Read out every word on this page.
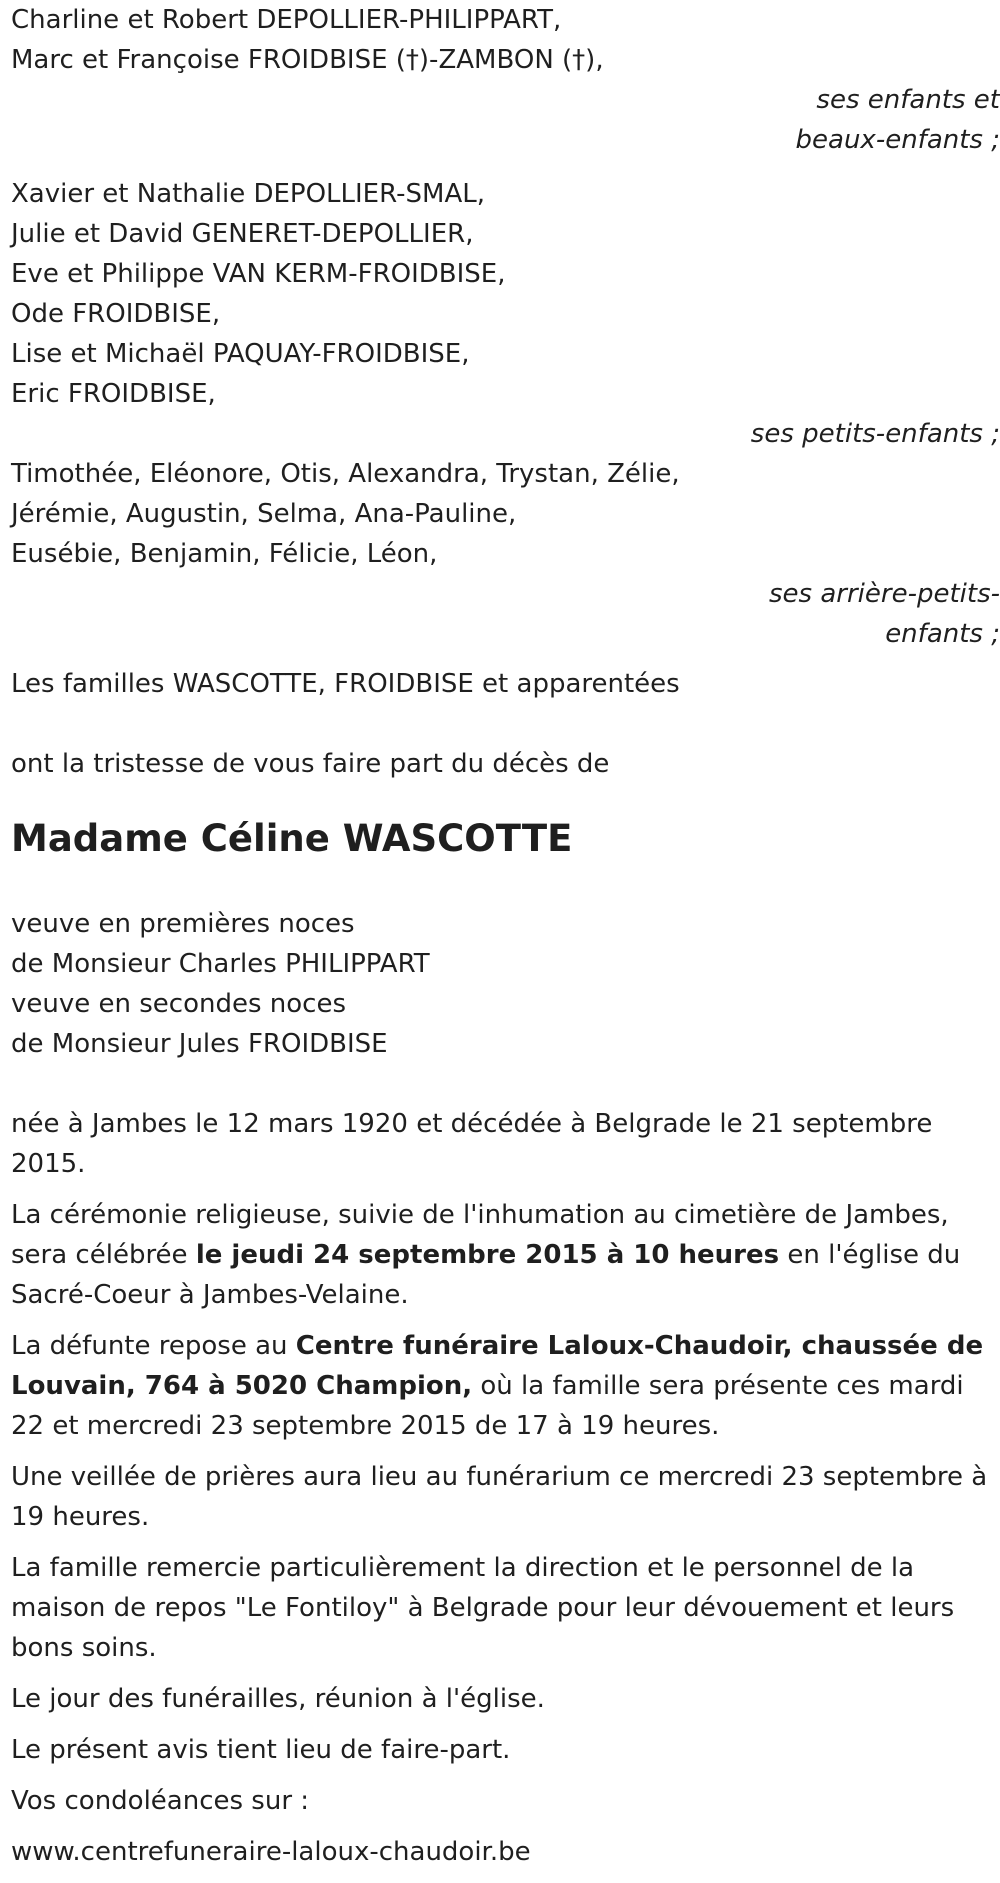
Charline et Robert DEPOLLIER-PHILIPPART,
Marc et Françoise FROIDBISE (†)-ZAMBON (†),
ses enfants et
beaux-enfants ;
Xavier et Nathalie DEPOLLIER-SMAL,
Julie et David GENERET-DEPOLLIER,
Eve et Philippe VAN KERM-FROIDBISE,
Ode FROIDBISE,
Lise et Michaël PAQUAY-FROIDBISE,
Eric FROIDBISE,
ses petits-enfants ;
Timothée, Eléonore, Otis, Alexandra, Trystan, Zélie,
Jérémie, Augustin, Selma, Ana-Pauline,
Eusébie, Benjamin, Félicie, Léon,
ses arrière-petits-
enfants ;
Les familles WASCOTTE, FROIDBISE et apparentées
ont la tristesse de vous faire part du décès de
Madame Céline WASCOTTE
veuve en premières noces
de Monsieur Charles PHILIPPART
veuve en secondes noces
de Monsieur Jules FROIDBISE

née à Jambes le 12 mars 1920 et décédée à Belgrade le 21 septembre 2015.

La cérémonie religieuse, suivie de l'inhumation au cimetière de Jambes, sera célébrée le jeudi 24 septembre 2015 à 10 heures en l'église du Sacré-Coeur à Jambes-Velaine.

La défunte repose au Centre funéraire Laloux-Chaudoir, chaussée de Louvain, 764 à 5020 Champion, où la famille sera présente ces mardi 22 et mercredi 23 septembre 2015 de 17 à 19 heures.

Une veillée de prières aura lieu au funérarium ce mercredi 23 septembre à 19 heures.

La famille remercie particulièrement la direction et le personnel de la maison de repos "Le Fontiloy" à Belgrade pour leur dévouement et leurs bons soins.

Le jour des funérailles, réunion à l'église.

Le présent avis tient lieu de faire-part.

Vos condoléances sur :

www.centrefuneraire-laloux-chaudoir.be
